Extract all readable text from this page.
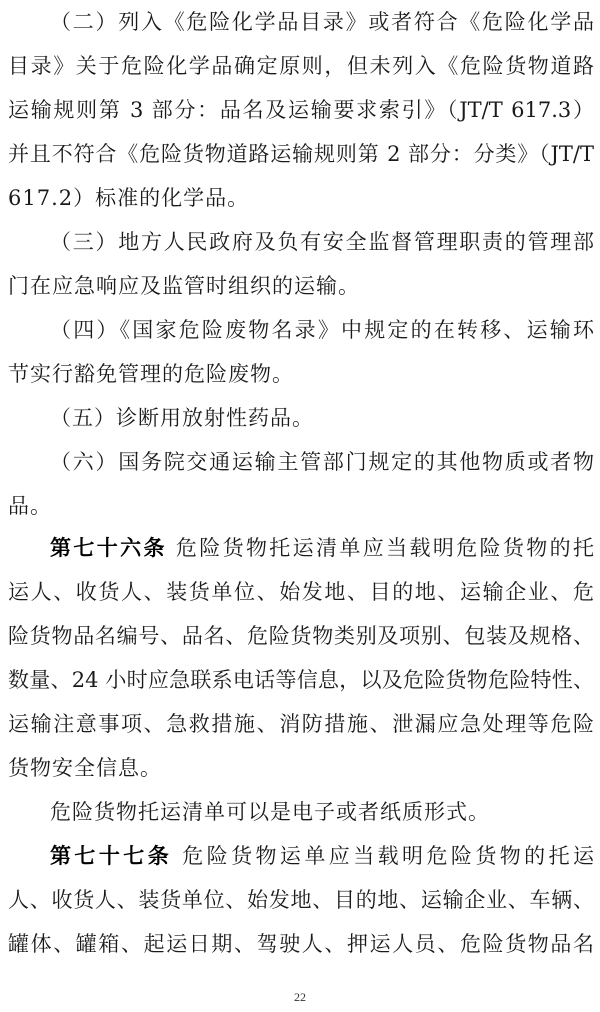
（二）列入《危险化学品目录》或者符合《危险化学品
目录》关于危险化学品确定原则，但未列入《危险货物道路
运输规则第 3 部分：品名及运输要求索引》（JT/T 617.3）
并且不符合《危险货物道路运输规则第 2 部分：分类》（JT/T
617.2）标准的化学品。
（三）地方人民政府及负有安全监督管理职责的管理部
门在应急响应及监管时组织的运输。
（四）《国家危险废物名录》中规定的在转移、运输环
节实行豁免管理的危险废物。
（五）诊断用放射性药品。
（六）国务院交通运输主管部门规定的其他物质或者物
品。
第七十六条 危险货物托运清单应当载明危险货物的托
运人、收货人、装货单位、始发地、目的地、运输企业、危
险货物品名编号、品名、危险货物类别及项别、包装及规格、
数量、24 小时应急联系电话等信息，以及危险货物危险特性、
运输注意事项、急救措施、消防措施、泄漏应急处理等危险
货物安全信息。
危险货物托运清单可以是电子或者纸质形式。
第七十七条 危险货物运单应当载明危险货物的托运
人、收货人、装货单位、始发地、目的地、运输企业、车辆、
罐体、罐箱、起运日期、驾驶人、押运人员、危险货物品名
22
